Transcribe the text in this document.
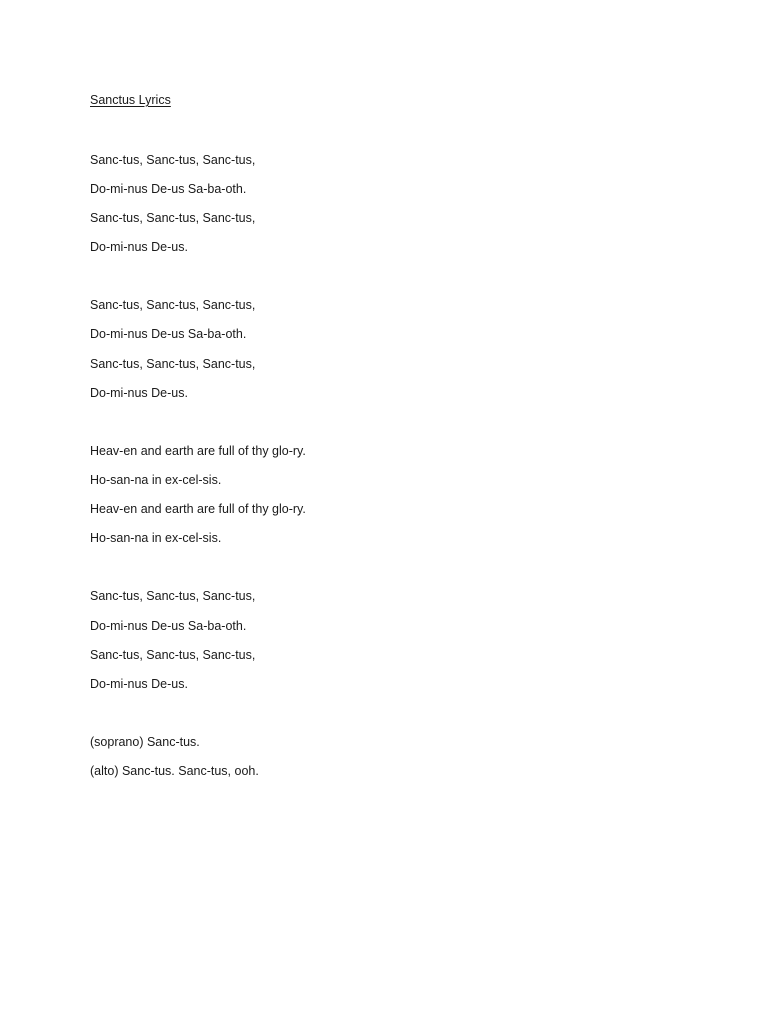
Sanctus Lyrics
Sanc-tus, Sanc-tus, Sanc-tus,
Do-mi-nus De-us Sa-ba-oth.
Sanc-tus, Sanc-tus, Sanc-tus,
Do-mi-nus De-us.
Sanc-tus, Sanc-tus, Sanc-tus,
Do-mi-nus De-us Sa-ba-oth.
Sanc-tus, Sanc-tus, Sanc-tus,
Do-mi-nus De-us.
Heav-en and earth are full of thy glo-ry.
Ho-san-na in ex-cel-sis.
Heav-en and earth are full of thy glo-ry.
Ho-san-na in ex-cel-sis.
Sanc-tus, Sanc-tus, Sanc-tus,
Do-mi-nus De-us Sa-ba-oth.
Sanc-tus, Sanc-tus, Sanc-tus,
Do-mi-nus De-us.
(soprano) Sanc-tus.
(alto) Sanc-tus. Sanc-tus, ooh.
